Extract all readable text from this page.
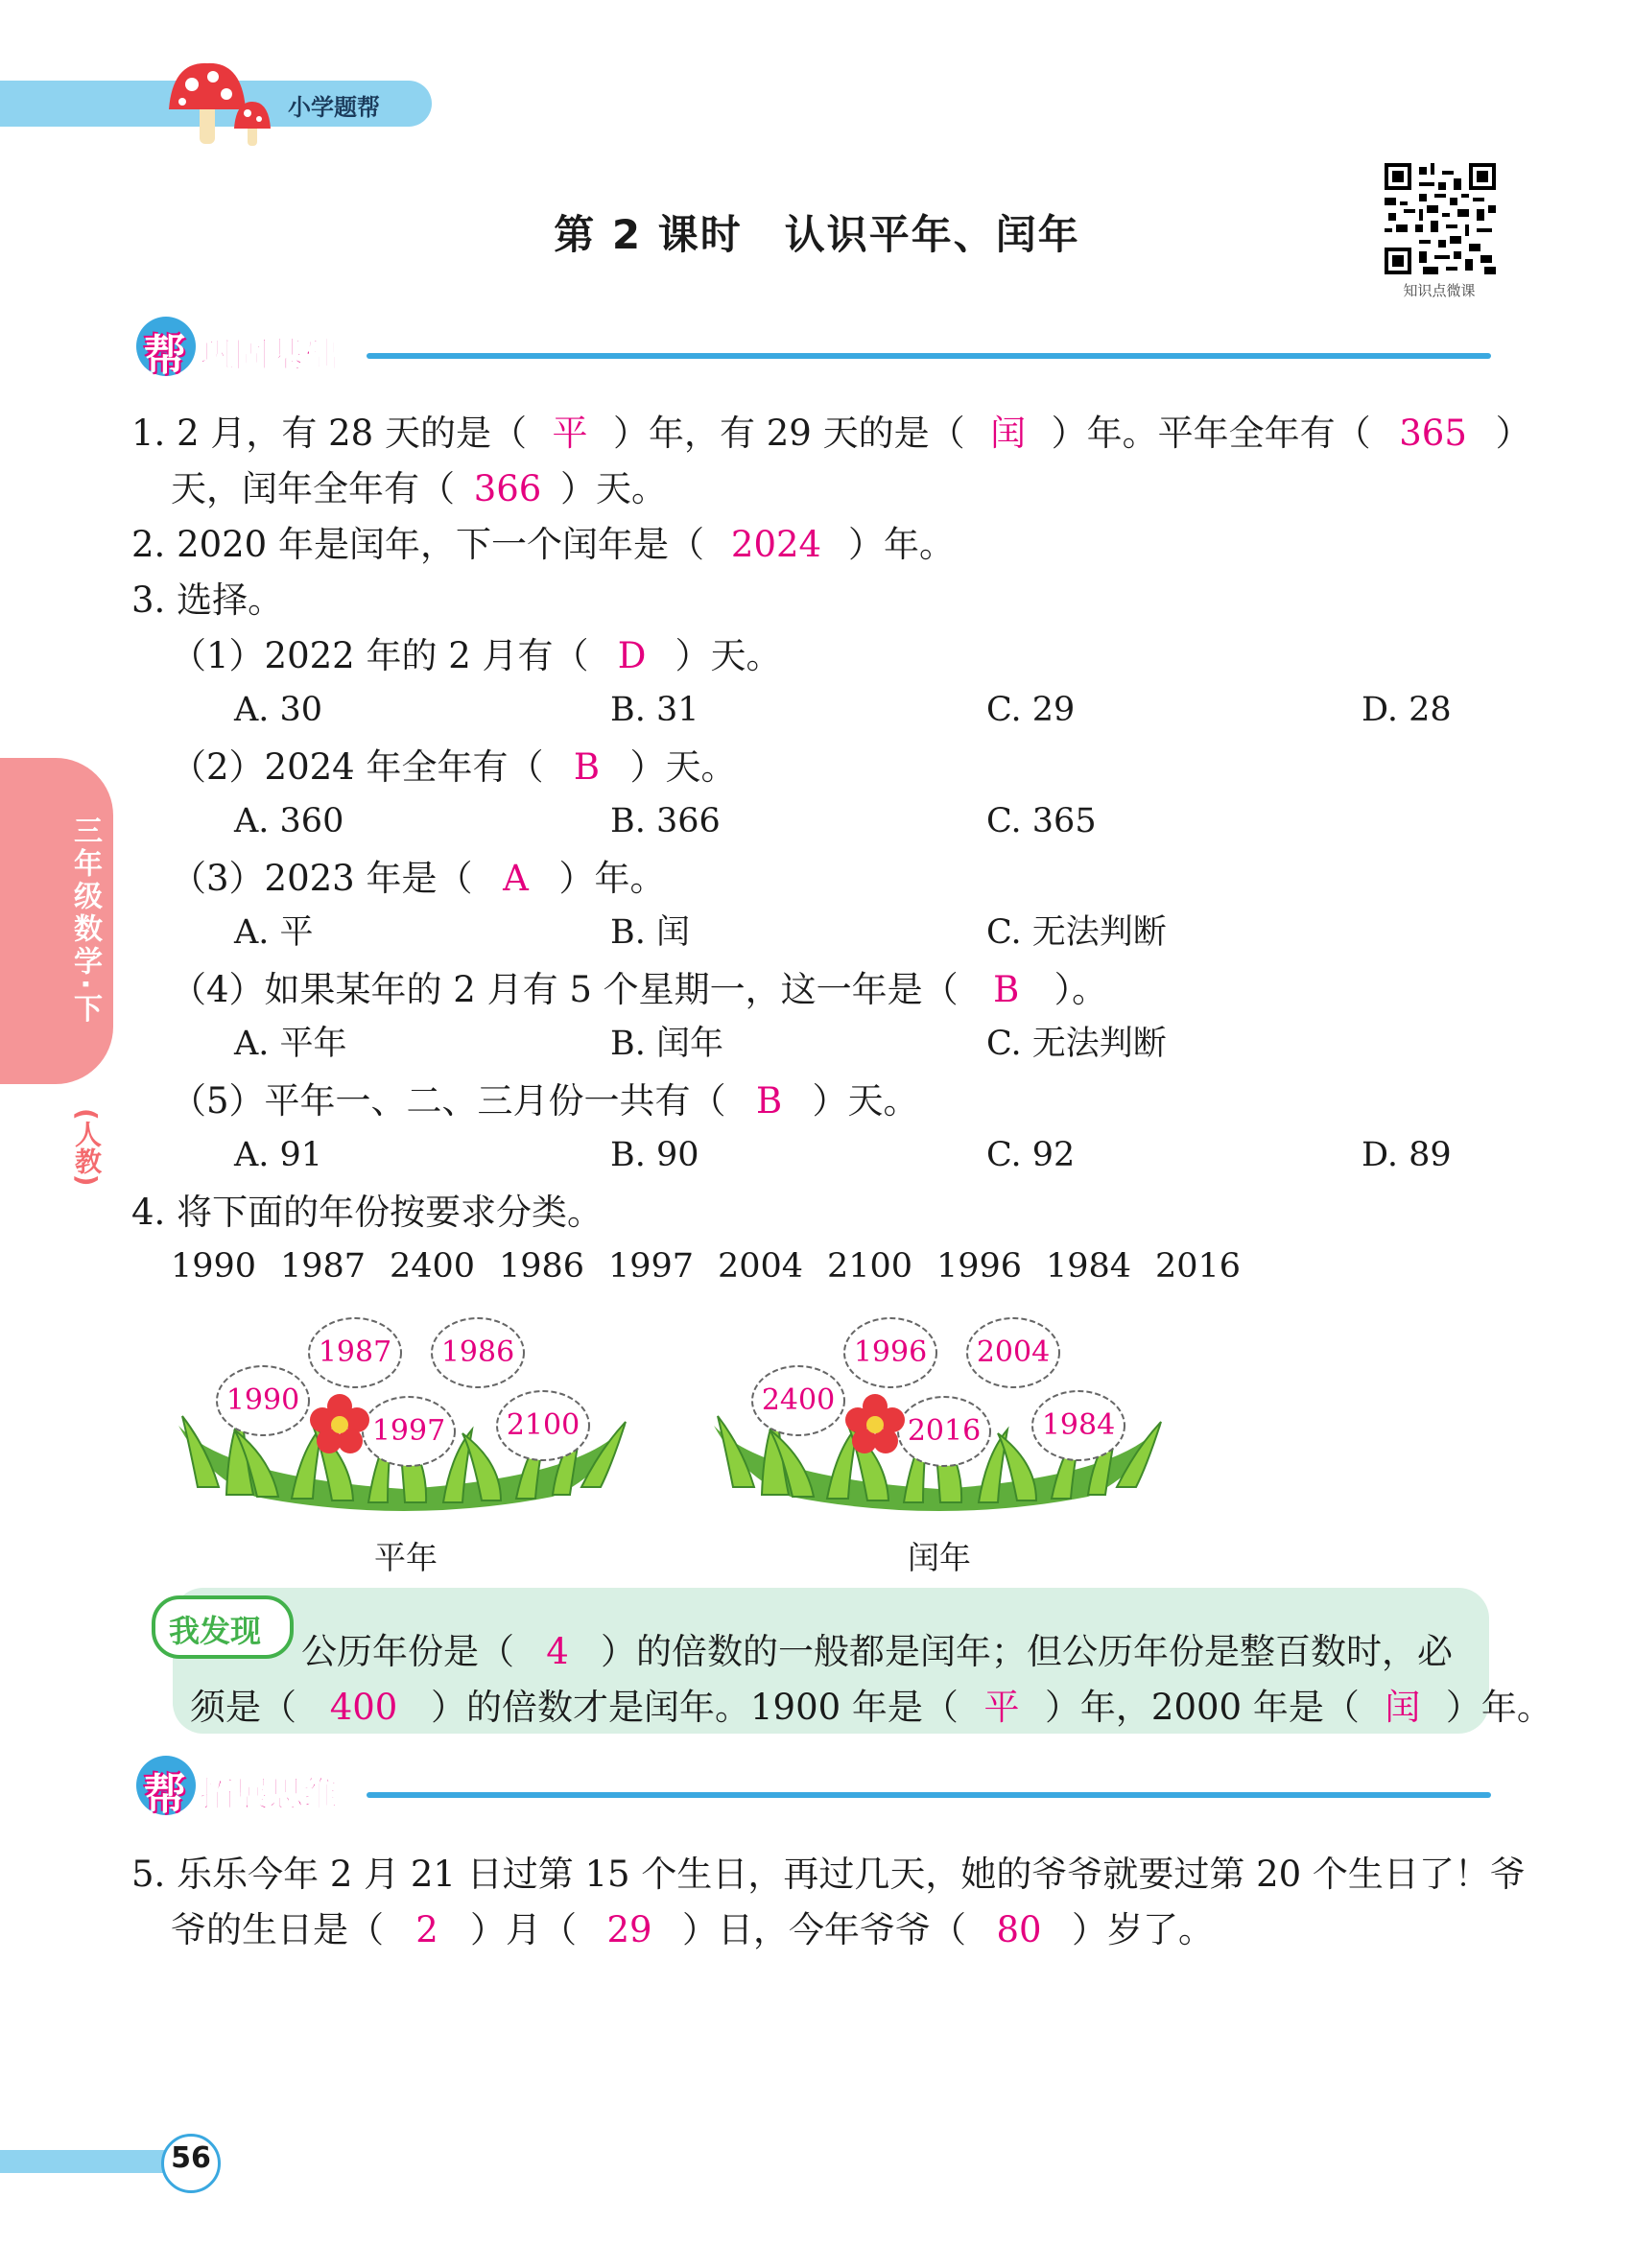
小学题帮
第 2 课时　认识平年、闰年
知识点微课
帮 巩固基础
三年级数学·下
(人教)
1. 2 月，有 28 天的是（ 平 ）年，有 29 天的是（ 闰 ）年。平年全年有（ 365 ）
天，闰年全年有（ 366 ）天。
2. 2020 年是闰年，下一个闰年是（ 2024 ）年。
3. 选择。
（1）2022 年的 2 月有（ D ）天。
A. 30	B. 31	C. 29	D. 28
（2）2024 年全年有（ B ）天。
A. 360	B. 366	C. 365
（3）2023 年是（ A ）年。
A. 平	B. 闰	C. 无法判断
（4）如果某年的 2 月有 5 个星期一，这一年是（ B ）。
A. 平年	B. 闰年	C. 无法判断
（5）平年一、二、三月份一共有（ B ）天。
A. 91	B. 90	C. 92	D. 89
4. 将下面的年份按要求分类。
1990 1987 2400 1986 1997 2004 2100 1996 1984 2016
1990
1987	1986
1997	2100
平年
2400
1996	2004
2016	1984
闰年
我发现 公历年份是（ 4 ）的倍数的一般都是闰年；但公历年份是整百数时，必
须是（ 400 ）的倍数才是闰年。1900 年是（ 平 ）年，2000 年是（ 闰 ）年。
帮 拓展思维
5. 乐乐今年 2 月 21 日过第 15 个生日，再过几天，她的爷爷就要过第 20 个生日了！爷
爷的生日是（ 2 ）月（ 29 ）日，今年爷爷（ 80 ）岁了。
56
